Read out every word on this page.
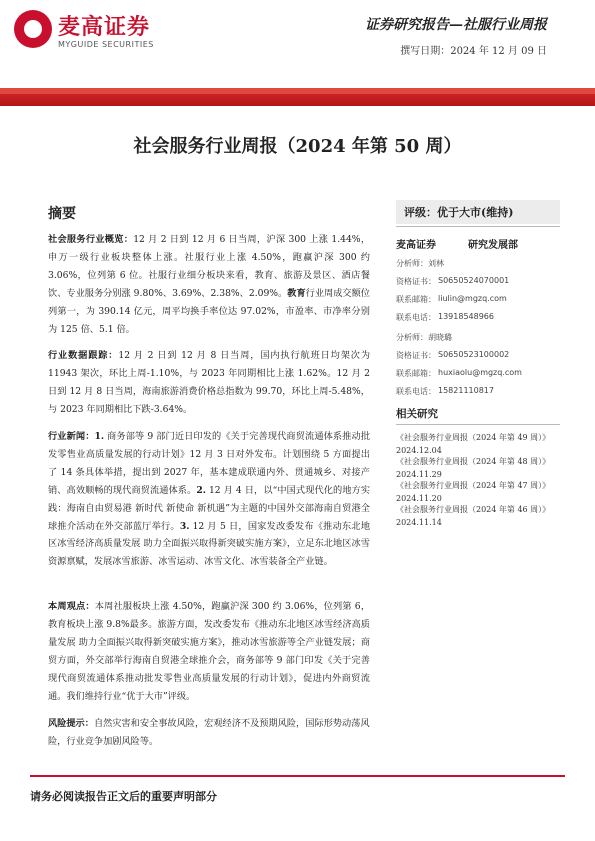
麦高证券
MYGUIDE SECURITIES
证券研究报告—社服行业周报
撰写日期：2024 年 12 月 09 日
社会服务行业周报（2024 年第 50 周）
摘要
社会服务行业概览：12 月 2 日到 12 月 6 日当周，沪深 300 上涨 1.44%，申万一级行业板块整体上涨。社服行业上涨 4.50%，跑赢沪深 300 约 3.06%，位列第 6 位。社服行业细分板块来看，教育、旅游及景区、酒店餐饮、专业服务分别涨 9.80%、3.69%、2.38%、2.09%。教育行业周成交额位列第一，为 390.14 亿元，周平均换手率位达 97.02%，市盈率、市净率分别为 125 倍、5.1 倍。
行业数据跟踪：12 月 2 日到 12 月 8 日当周，国内执行航班日均架次为 11943 架次，环比上周-1.10%，与 2023 年同期相比上涨 1.62%。12 月 2 日到 12 月 8 日当周，海南旅游消费价格总指数为 99.70，环比上周-5.48%，与 2023 年同期相比下跌-3.64%。
行业新闻：1. 商务部等 9 部门近日印发的《关于完善现代商贸流通体系推动批发零售业高质量发展的行动计划》12 月 3 日对外发布。计划围绕 5 方面提出了 14 条具体举措，提出到 2027 年，基本建成联通内外、贯通城乡、对接产销、高效顺畅的现代商贸流通体系。2. 12 月 4 日，以“中国式现代化的地方实践：海南自由贸易港 新时代 新使命 新机遇”为主题的中国外交部海南自贸港全球推介活动在外交部蓝厅举行。3. 12 月 5 日，国家发改委发布《推动东北地区冰雪经济高质量发展 助力全面振兴取得新突破实施方案》，立足东北地区冰雪资源禀赋，发展冰雪旅游、冰雪运动、冰雪文化、冰雪装备全产业链。
本周观点：本周社服板块上涨 4.50%，跑赢沪深 300 约 3.06%，位列第 6，教育板块上涨 9.8%最多。旅游方面，发改委发布《推动东北地区冰雪经济高质量发展 助力全面振兴取得新突破实施方案》，推动冰雪旅游等全产业链发展；商贸方面，外交部举行海南自贸港全球推介会，商务部等 9 部门印发《关于完善现代商贸流通体系推动批发零售业高质量发展的行动计划》，促进内外商贸流通。我们维持行业“优于大市”评级。
风险提示：自然灾害和安全事故风险，宏观经济不及预期风险，国际形势动荡风险，行业竞争加剧风险等。
评级：优于大市(维持)
麦高证券	研究发展部
分析师：刘林
资格证书： S0650524070001
联系邮箱： liulin@mgzq.com
联系电话： 13918548966
分析师：胡晓璐
资格证书： S0650523100002
联系邮箱： huxiaolu@mgzq.com
联系电话： 15821110817
相关研究
《社会服务行业周报（2024 年第 49 周）》2024.12.04
《社会服务行业周报（2024 年第 48 周）》2024.11.29
《社会服务行业周报（2024 年第 47 周）》2024.11.20
《社会服务行业周报（2024 年第 46 周）》2024.11.14
请务必阅读报告正文后的重要声明部分
